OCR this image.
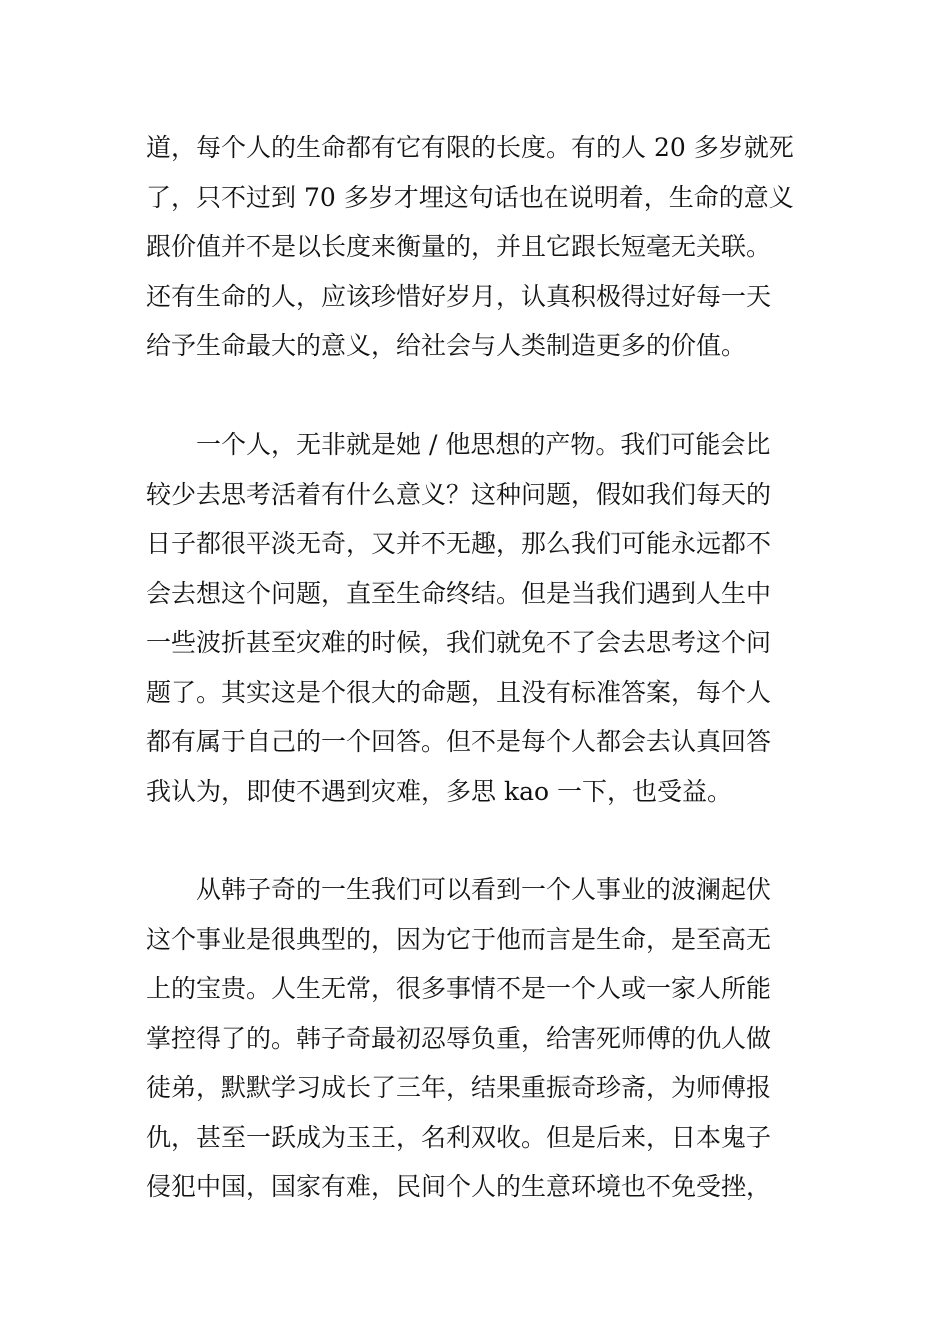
道，每个人的生命都有它有限的长度。有的人 20 多岁就死
了，只不过到 70 多岁才埋这句话也在说明着，生命的意义
跟价值并不是以长度来衡量的，并且它跟长短毫无关联。
还有生命的人，应该珍惜好岁月，认真积极得过好每一天
给予生命最大的意义，给社会与人类制造更多的价值。
　　一个人，无非就是她 / 他思想的产物。我们可能会比
较少去思考活着有什么意义？这种问题，假如我们每天的
日子都很平淡无奇，又并不无趣，那么我们可能永远都不
会去想这个问题，直至生命终结。但是当我们遇到人生中
一些波折甚至灾难的时候，我们就免不了会去思考这个问
题了。其实这是个很大的命题，且没有标准答案，每个人
都有属于自己的一个回答。但不是每个人都会去认真回答
我认为，即使不遇到灾难，多思 kao 一下，也受益。
　　从韩子奇的一生我们可以看到一个人事业的波澜起伏
这个事业是很典型的，因为它于他而言是生命，是至高无
上的宝贵。人生无常，很多事情不是一个人或一家人所能
掌控得了的。韩子奇最初忍辱负重，给害死师傅的仇人做
徒弟，默默学习成长了三年，结果重振奇珍斋，为师傅报
仇，甚至一跃成为玉王，名利双收。但是后来，日本鬼子
侵犯中国，国家有难，民间个人的生意环境也不免受挫，
